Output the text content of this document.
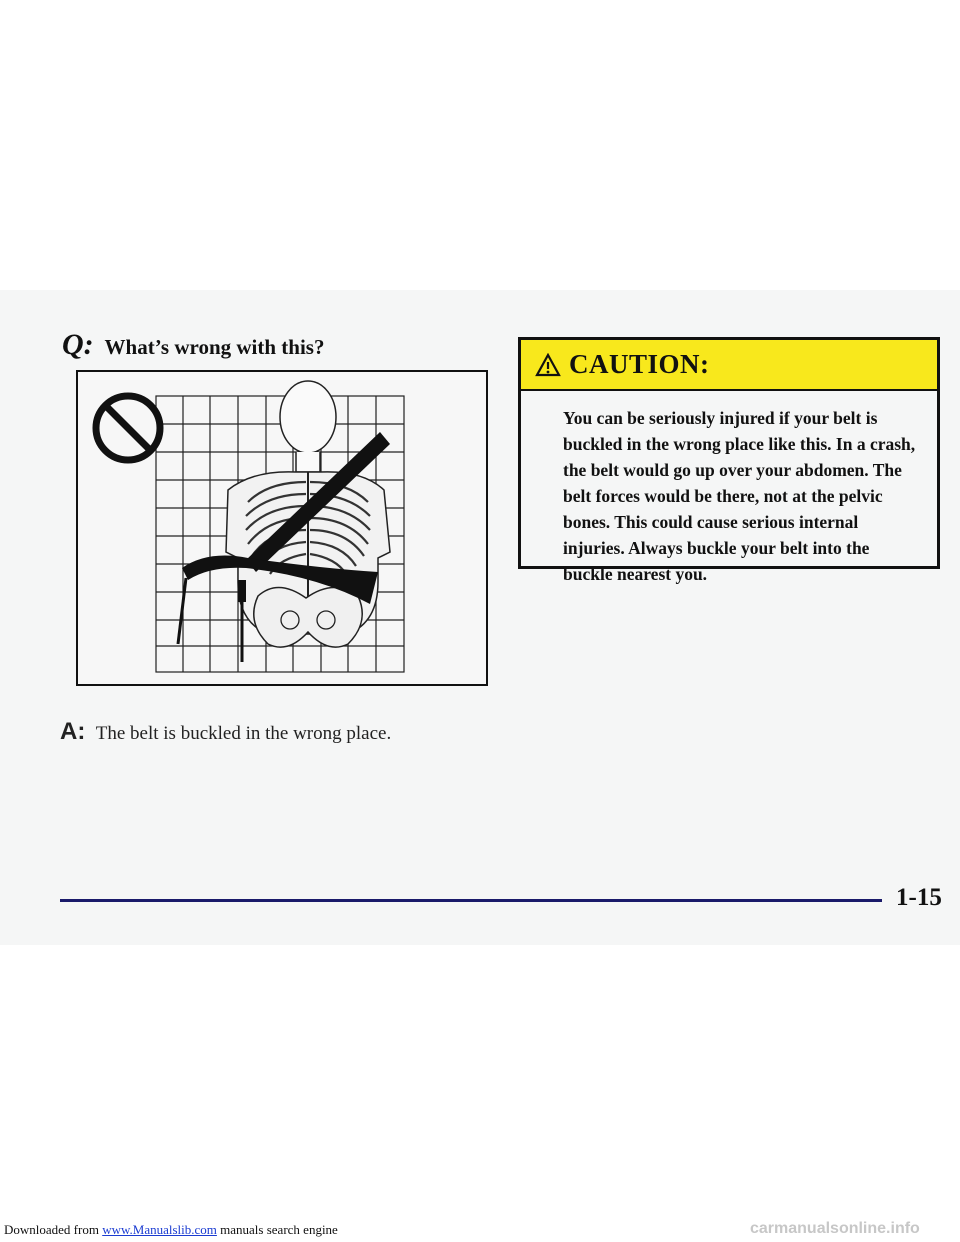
Q: What’s wrong with this?
A: The belt is buckled in the wrong place.
CAUTION:
You can be seriously injured if your belt is buckled in the wrong place like this. In a crash, the belt would go up over your abdomen. The belt forces would be there, not at the pelvic bones. This could cause serious internal injuries. Always buckle your belt into the buckle nearest you.
1-15
Downloaded from www.Manualslib.com manuals search engine	carmanualsonline.info
